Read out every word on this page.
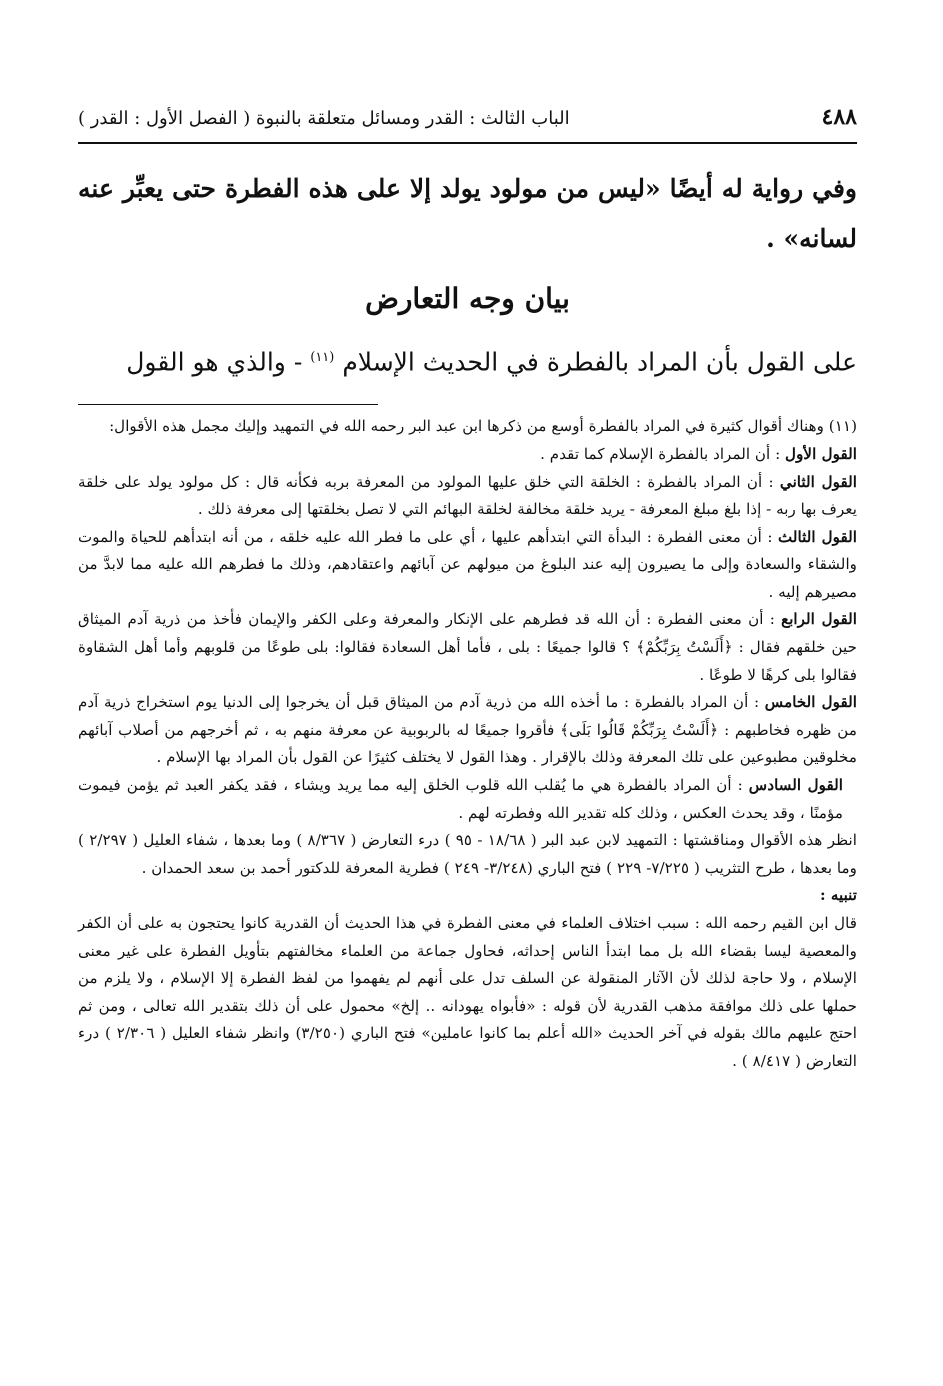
٤٨٨
الباب الثالث : القدر ومسائل متعلقة بالنبوة ( الفصل الأول : القدر )
وفي رواية له أيضًا «ليس من مولود يولد إلا على هذه الفطرة حتى يعبِّر عنه لسانه» .
بيان وجه التعارض
على القول بأن المراد بالفطرة في الحديث الإسلام $^{(١١)}$ - والذي هو القول

(١١) وهناك أقوال كثيرة في المراد بالفطرة أوسع من ذكرها ابن عبد البر رحمه الله في التمهيد وإليك مجمل هذه الأقوال:

القول الأول : أن المراد بالفطرة الإسلام كما تقدم .

القول الثاني : أن المراد بالفطرة : الخلقة التي خلق عليها المولود من المعرفة بربه فكأنه قال : كل مولود يولد على خلقة يعرف بها ربه - إذا بلغ مبلغ المعرفة - يريد خلقة مخالفة لخلقة البهائم التي لا تصل بخلقتها إلى معرفة ذلك .

القول الثالث : أن معنى الفطرة : البدأة التي ابتدأهم عليها ، أي على ما فطر الله عليه خلقه ، من أنه ابتدأهم للحياة والموت والشقاء والسعادة وإلى ما يصيرون إليه عند البلوغ من ميولهم عن آبائهم واعتقادهم، وذلك ما فطرهم الله عليه مما لابدَّ من مصيرهم إليه .

القول الرابع : أن معنى الفطرة : أن الله قد فطرهم على الإنكار والمعرفة وعلى الكفر والإيمان فأخذ من ذرية آدم الميثاق حين خلقهم فقال : ﴿أَلَسْتُ بِرَبِّكُمْ﴾ ؟ قالوا جميعًا : بلى ، فأما أهل السعادة فقالوا: بلى طوعًا من قلوبهم وأما أهل الشقاوة فقالوا بلى كرهًا لا طوعًا .

القول الخامس : أن المراد بالفطرة : ما أخذه الله من ذرية آدم من الميثاق قبل أن يخرجوا إلى الدنيا يوم استخراج ذرية آدم من ظهره فخاطبهم : ﴿أَلَسْتُ بِرَبِّكُمْ قَالُوا بَلَى﴾ فأقروا جميعًا له بالربوبية عن معرفة منهم به ، ثم أخرجهم من أصلاب آبائهم مخلوقين مطبوعين على تلك المعرفة وذلك بالإقرار . وهذا القول لا يختلف كثيرًا عن القول بأن المراد بها الإسلام .

القول السادس : أن المراد بالفطرة هي ما يُقلب الله قلوب الخلق إليه مما يريد ويشاء ، فقد يكفر العبد ثم يؤمن فيموت مؤمنًا ، وقد يحدث العكس ، وذلك كله تقدير الله وفطرته لهم .

انظر هذه الأقوال ومناقشتها : التمهيد لابن عبد البر ( ١٨/٦٨ - ٩٥ ) درء التعارض ( ٨/٣٦٧ ) وما بعدها ، شفاء العليل ( ٢/٢٩٧ ) وما بعدها ، طرح التثريب ( ٧/٢٢٥- ٢٢٩ ) فتح الباري (٣/٢٤٨- ٢٤٩ ) فطرية المعرفة للدكتور أحمد بن سعد الحمدان .

تنبيه :

قال ابن القيم رحمه الله : سبب اختلاف العلماء في معنى الفطرة في هذا الحديث أن القدرية كانوا يحتجون به على أن الكفر والمعصية ليسا بقضاء الله بل مما ابتدأ الناس إحداثه، فحاول جماعة من العلماء مخالفتهم بتأويل الفطرة على غير معنى الإسلام ، ولا حاجة لذلك لأن الآثار المنقولة عن السلف تدل على أنهم لم يفهموا من لفظ الفطرة إلا الإسلام ، ولا يلزم من حملها على ذلك موافقة مذهب القدرية لأن قوله : «فأبواه يهودانه .. إلخ» محمول على أن ذلك بتقدير الله تعالى ، ومن ثم احتج عليهم مالك بقوله في آخر الحديث «الله أعلم بما كانوا عاملين» فتح الباري (٣/٢٥٠) وانظر شفاء العليل ( ٢/٣٠٦ ) درء التعارض ( ٨/٤١٧ ) .
